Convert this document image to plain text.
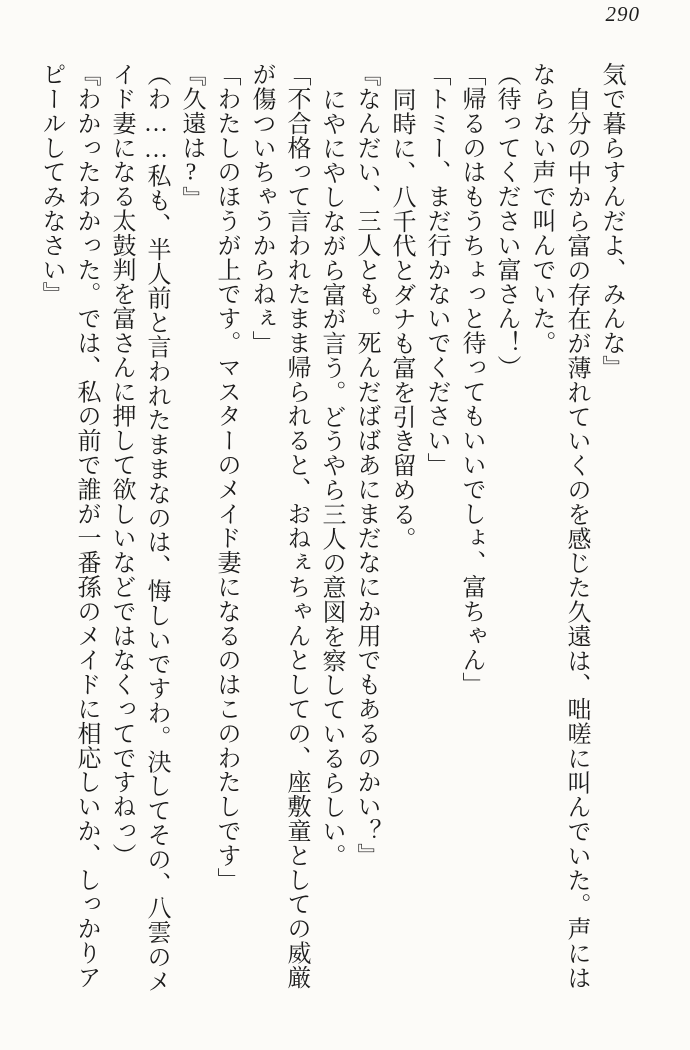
290

気で暮らすんだよ、みんな』

自分の中から富の存在が薄れていくのを感じた久遠は、咄嗟に叫んでいた。声には

ならない声で叫んでいた。

（待ってください富さん！）

「帰るのはもうちょっと待ってもいいでしょ、富ちゃん」

「トミー、まだ行かないでください」

同時に、八千代とダナも富を引き留める。

『なんだい、三人とも。死んだばばあにまだなにか用でもあるのかい？』

にやにやしながら富が言う。どうやら三人の意図を察しているらしい。

「不合格って言われたまま帰られると、おねぇちゃんとしての、座敷童としての威厳

が傷ついちゃうからねぇ」

「わたしのほうが上です。マスターのメイド妻になるのはこのわたしです」

『久遠は?』

（わ……私も、半人前と言われたままなのは、悔しいですわ。決してその、八雲のメ

イド妻になる太鼓判を富さんに押して欲しいなどではなくってですねっ）

『わかったわかった。では、私の前で誰が一番孫のメイドに相応しいか、しっかりア

ピールしてみなさい』
